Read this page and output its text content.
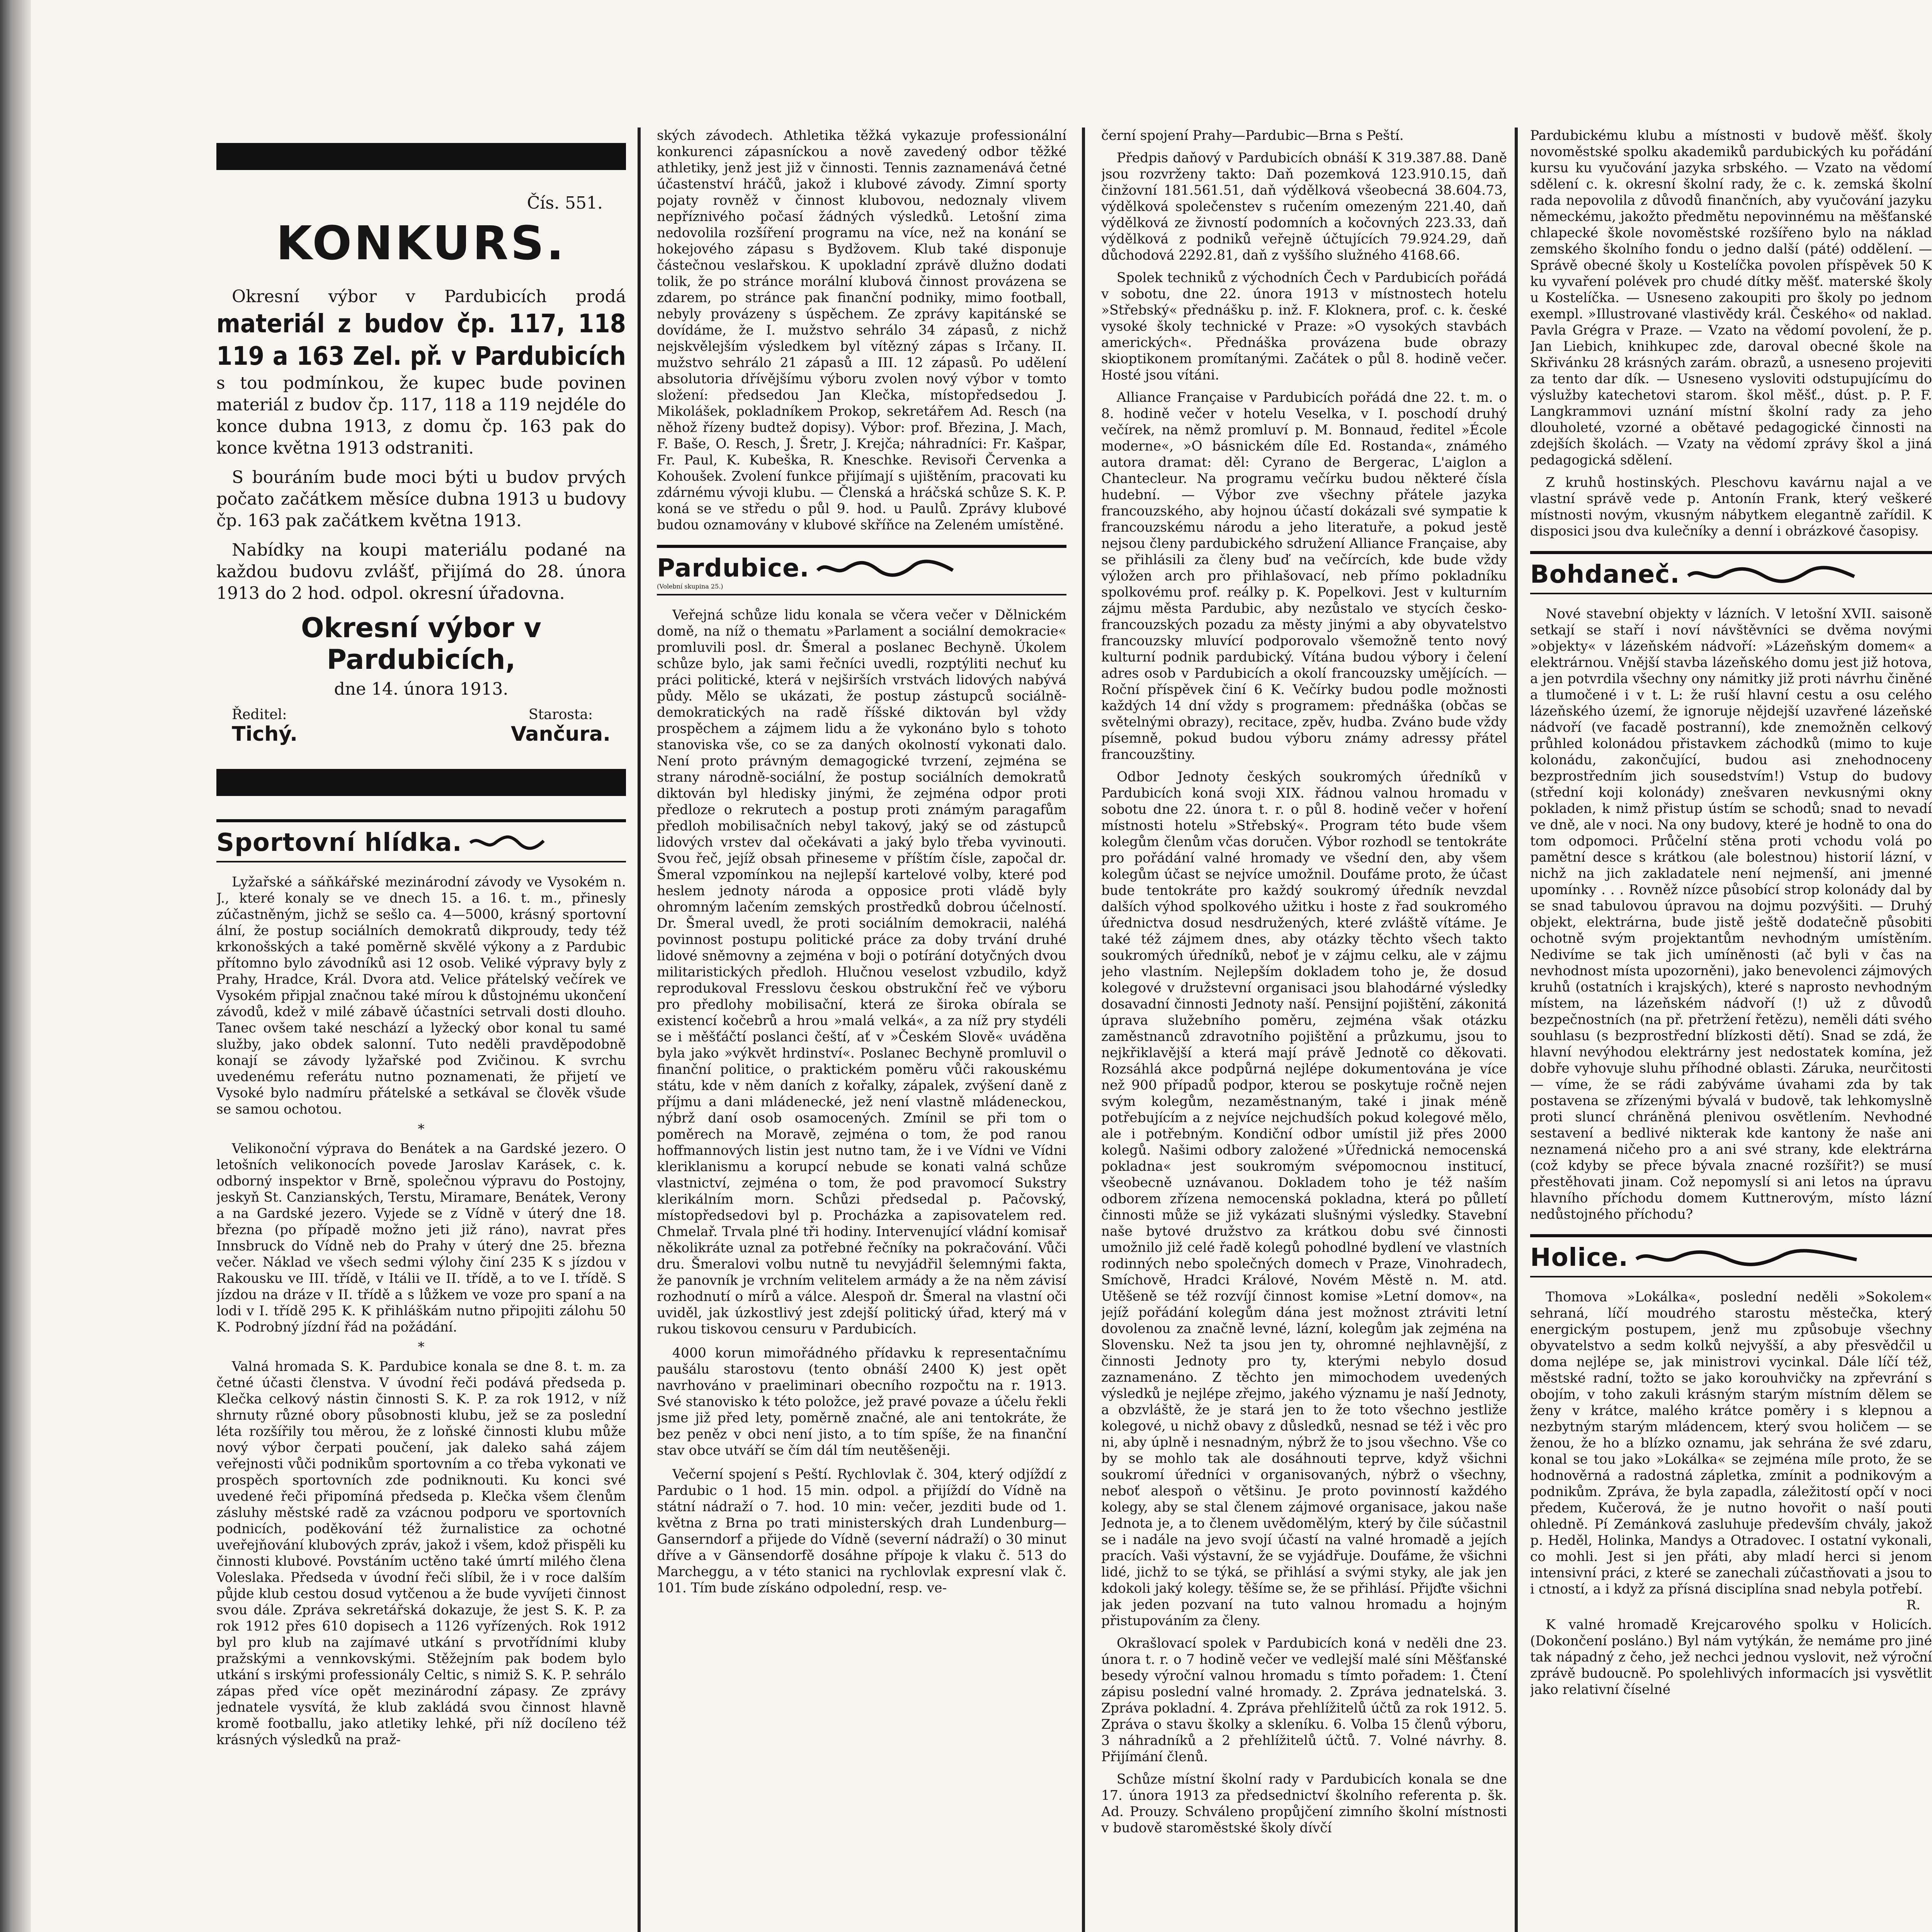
Čís. 551.
KONKURS.

Okresní výbor v Pardubicích prodá materiál z budov čp. 117, 118 119 a 163 Zel. př. v Pardubicích s tou podmínkou, že kupec bude povinen materiál z budov čp. 117, 118 a 119 nejdéle do konce dubna 1913, z domu čp. 163 pak do konce května 1913 odstraniti.

S bouráním bude moci býti u budov prvých počato začátkem měsíce dubna 1913 u budovy čp. 163 pak začátkem května 1913.

Nabídky na koupi materiálu podané na každou budovu zvlášť, přijímá do 28. února 1913 do 2 hod. odpol. okresní úřadovna.

Okresní výbor v Pardubicích,
dne 14. února 1913.
Ředitel:
Tichý.
Starosta:
Vančura.
Sportovní hlídka.

Lyžařské a sáňkářské mezinárodní závody ve Vysokém n. J., které konaly se ve dnech 15. a 16. t. m., přinesly zúčastněným, jichž se sešlo ca. 4—5000, krásný sportovní ální, že postup sociálních demokratů dikproudy, tedy též krkonošských a také poměrně skvělé výkony a z Pardubic přítomno bylo závodníků asi 12 osob. Veliké výpravy byly z Prahy, Hradce, Král. Dvora atd. Velice přátelský večírek ve Vysokém připjal značnou také mírou k důstojnému ukončení závodů, kdež v milé zábavě účastníci setrvali dosti dlouho. Tanec ovšem také neschází a lyžecký obor konal tu samé služby, jako obdek salonní. Tuto neděli pravděpodobně konají se závody lyžařské pod Zvičinou. K svrchu uvedenému referátu nutno poznamenati, že přijetí ve Vysoké bylo nadmíru přátelské a setkával se člověk všude se samou ochotou.

*

Velikonoční výprava do Benátek a na Gardské jezero. O letošních velikonocích povede Jaroslav Karásek, c. k. odborný inspektor v Brně, společnou výpravu do Postojny, jeskyň St. Canzianských, Terstu, Miramare, Benátek, Verony a na Gardské jezero. Vyjede se z Vídně v úterý dne 18. března (po případě možno jeti již ráno), navrat přes Innsbruck do Vídně neb do Prahy v úterý dne 25. března večer. Náklad ve všech sedmi výlohy činí 235 K s jízdou v Rakousku ve III. třídě, v Itálii ve II. třídě, a to ve I. třídě. S jízdou na dráze v II. třídě a s lůžkem ve voze pro spaní a na lodi v I. třídě 295 K. K přihláškám nutno připojiti zálohu 50 K. Podrobný jízdní řád na požádání.

*

Valná hromada S. K. Pardubice konala se dne 8. t. m. za četné účasti členstva. V úvodní řeči podává předseda p. Klečka celkový nástin činnosti S. K. P. za rok 1912, v níž shrnuty různé obory působnosti klubu, jež se za poslední léta rozšířily tou měrou, že z loňské činnosti klubu může nový výbor čerpati poučení, jak daleko sahá zájem veřejnosti vůči podnikům sportovním a co třeba vykonati ve prospěch sportovních zde podniknouti. Ku konci své uvedené řeči připomíná předseda p. Klečka všem členům zásluhy městské radě za vzácnou podporu ve sportovních podnicích, poděkování též žurnalistice za ochotné uveřejňování klubových zpráv, jakož i všem, kdož přispěli ku činnosti klubové. Povstáním uctěno také úmrtí milého člena Voleslaka. Předseda v úvodní řeči slíbil, že i v roce dalším půjde klub cestou dosud vytčenou a že bude vyvíjeti činnost svou dále. Zpráva sekretářská dokazuje, že jest S. K. P. za rok 1912 přes 610 dopisech a 1126 vyřízených. Rok 1912 byl pro klub na zajímavé utkání s prvotřídními kluby pražskými a vennkovskými. Stěžejním pak bodem bylo utkání s irskými professionály Celtic, s nimiž S. K. P. sehrálo zápas před více opět mezinárodní zápasy. Ze zprávy jednatele vysvítá, že klub zakládá svou činnost hlavně kromě footballu, jako atletiky lehké, při níž docíleno též krásných výsledků na praž-

ských závodech. Athletika těžká vykazuje professionální konkurenci zápasníckou a nově zavedený odbor těžké athletiky, jenž jest již v činnosti. Tennis zaznamenává četné účastenství hráčů, jakož i klubové závody. Zimní sporty pojaty rovněž v činnost klubovou, nedoznaly vlivem nepříznivého počasí žádných výsledků. Letošní zima nedovolila rozšíření programu na více, než na konání se hokejového zápasu s Bydžovem. Klub také disponuje částečnou veslařskou. K upokladní zprávě dlužno dodati tolik, že po stránce morální klubová činnost provázena se zdarem, po stránce pak finanční podniky, mimo football, nebyly provázeny s úspěchem. Ze zprávy kapitánské se dovídáme, že I. mužstvo sehrálo 34 zápasů, z nichž nejskvělejším výsledkem byl vítězný zápas s Irčany. II. mužstvo sehrálo 21 zápasů a III. 12 zápasů. Po udělení absolutoria dřívějšímu výboru zvolen nový výbor v tomto složení: předsedou Jan Klečka, místopředsedou J. Mikolášek, pokladníkem Prokop, sekretářem Ad. Resch (na něhož řízeny budtež dopisy). Výbor: prof. Březina, J. Mach, F. Baše, O. Resch, J. Šretr, J. Krejča; náhradníci: Fr. Kašpar, Fr. Paul, K. Kubeška, R. Kneschke. Revisoři Červenka a Kohoušek. Zvolení funkce přijímají s ujištěním, pracovati ku zdárnému vývoji klubu. — Členská a hráčská schůze S. K. P. koná se ve středu o půl 9. hod. u Paulů. Zprávy klubové budou oznamovány v klubové skříňce na Zeleném umístěné.

Pardubice.
(Volební skupina 25.)

Veřejná schůze lidu konala se včera večer v Dělnickém domě, na níž o thematu »Parlament a sociální demokracie« promluvili posl. dr. Šmeral a poslanec Bechyně. Úkolem schůze bylo, jak sami řečníci uvedli, rozptýliti nechuť ku práci politické, která v nejširších vrstvách lidových nabývá půdy. Mělo se ukázati, že postup zástupců sociálně-demokratických na radě říšské diktován byl vždy prospěchem a zájmem lidu a že vykonáno bylo s tohoto stanoviska vše, co se za daných okolností vykonati dalo. Není proto právným demagogické tvrzení, zejména se strany národně-sociální, že postup sociálních demokratů diktován byl hledisky jinými, že zejména odpor proti předloze o rekrutech a postup proti známým paragafům předloh mobilisačních nebyl takový, jaký se od zástupců lidových vrstev dal očekávati a jaký bylo třeba vyvinouti. Svou řeč, jejíž obsah přineseme v příštím čísle, započal dr. Šmeral vzpomínkou na nejlepší kartelové volby, které pod heslem jednoty národa a opposice proti vládě byly ohromným lačením zemských prostředků dobrou účelností. Dr. Šmeral uvedl, že proti sociálním demokracii, naléhá povinnost postupu politické práce za doby trvání druhé lidové sněmovny a zejména v boji o potírání dotyčných dvou militaristických předloh. Hlučnou veselost vzbudilo, když reprodukoval Fresslovu českou obstrukční řeč ve výboru pro předlohy mobilisační, která ze široka obírala se existencí kočebrů a hrou »malá velká«, a za níž pry stydéli se i měšťáčtí poslanci čeští, ať v »Českém Slově« uváděna byla jako »výkvět hrdinství«. Poslanec Bechyně promluvil o finanční politice, o praktickém poměru vůči rakouskému státu, kde v něm daních z kořalky, zápalek, zvýšení daně z příjmu a dani mládenecké, jež není vlastně mládeneckou, nýbrž daní osob osamocených. Zmínil se při tom o poměrech na Moravě, zejména o tom, že pod ranou hoffmannových listin jest nutno tam, že i ve Vídni ve Vídni kleriklanismu a korupcí nebude se konati valná schůze vlastnictví, zejména o tom, že pod pravomocí Sukstry klerikálním morn. Schůzi předsedal p. Pačovský, místopředsedovi byl p. Procházka a zapisovatelem red. Chmelař. Trvala plné tři hodiny. Intervenující vládní komisař několikráte uznal za potřebné řečníky na pokračování. Vůči dru. Šmeralovi volbu nutně tu nevyjádřil šelemnými fakta, že panovník je vrchním velitelem armády a že na něm závisí rozhodnutí o mírů a válce. Alespoň dr. Šmeral na vlastní oči uviděl, jak úzkostlivý jest zdejší politický úřad, který má v rukou tiskovou censuru v Pardubicích.

4000 korun mimořádného přídavku k representačnímu paušálu starostovu (tento obnáší 2400 K) jest opět navrhováno v praeliminari obecního rozpočtu na r. 1913. Své stanovisko k této položce, jež pravé povaze a účelu řekli jsme již před lety, poměrně značné, ale ani tentokráte, že bez peněz v obci není jisto, a to tím spíše, že na finanční stav obce utváří se čím dál tím neutěšeněji.

Večerní spojení s Peští. Rychlovlak č. 304, který odjíždí z Pardubic o 1 hod. 15 min. odpol. a přijíždí do Vídně na státní nádraží o 7. hod. 10 min: večer, jezditi bude od 1. května z Brna po trati ministerských drah Lundenburg—Ganserndorf a přijede do Vídně (severní nádraží) o 30 minut dříve a v Gänsendorfě dosáhne přípoje k vlaku č. 513 do Marcheggu, a v této stanici na rychlovlak expresní vlak č. 101. Tím bude získáno odpolední, resp. ve-

černí spojení Prahy—Pardubic—Brna s Peští.

Předpis daňový v Pardubicích obnáší K 319.387.88. Daně jsou rozvrženy takto: Daň pozemková 123.910.15, daň činžovní 181.561.51, daň výdělková všeobecná 38.604.73, výdělková společenstev s ručením omezeným 221.40, daň výdělková ze živností podomních a kočovných 223.33, daň výdělková z podniků veřejně účtujících 79.924.29, daň důchodová 2292.81, daň z vyššího služného 4168.66.

Spolek techniků z východních Čech v Pardubicích pořádá v sobotu, dne 22. února 1913 v místnostech hotelu »Střebský« přednášku p. inž. F. Kloknera, prof. c. k. české vysoké školy technické v Praze: »O vysokých stavbách amerických«. Přednáška provázena bude obrazy skioptikonem promítanými. Začátek o půl 8. hodině večer. Hosté jsou vítáni.

Alliance Française v Pardubicích pořádá dne 22. t. m. o 8. hodině večer v hotelu Veselka, v I. poschodí druhý večírek, na němž promluví p. M. Bonnaud, ředitel »École moderne«, »O básnickém díle Ed. Rostanda«, známého autora dramat: děl: Cyrano de Bergerac, L'aiglon a Chantecleur. Na programu večírku budou některé čísla hudební. — Výbor zve všechny přátele jazyka francouzského, aby hojnou účastí dokázali své sympatie k francouzskému národu a jeho literatuře, a pokud jestě nejsou členy pardubického sdružení Alliance Française, aby se přihlásili za členy buď na večírcích, kde bude vždy výložen arch pro přihlašovací, neb přímo pokladníku spolkovému prof. reálky p. K. Popelkovi. Jest v kulturním zájmu města Pardubic, aby nezůstalo ve stycích česko-francouzských pozadu za městy jinými a aby obyvatelstvo francouzsky mluvící podporovalo všemožně tento nový kulturní podnik pardubický. Vítána budou výbory i čelení adres osob v Pardubicích a okolí francouzsky umějících. — Roční příspěvek činí 6 K. Večírky budou podle možnosti každých 14 dní vždy s programem: přednáška (občas se světelnými obrazy), recitace, zpěv, hudba. Zváno bude vždy písemně, pokud budou výboru známy adressy přátel francouzštiny.

Odbor Jednoty českých soukromých úředníků v Pardubicích koná svoji XIX. řádnou valnou hromadu v sobotu dne 22. února t. r. o půl 8. hodině večer v hoření místnosti hotelu »Střebský«. Program této bude všem kolegům členům včas doručen. Výbor rozhodl se tentokráte pro pořádání valné hromady ve všední den, aby všem kolegům účast se nejvíce umožnil. Doufáme proto, že účast bude tentokráte pro každý soukromý úředník nevzdal dalších výhod spolkového užitku i hoste z řad soukromého úřednictva dosud nesdružených, které zvláště vítáme. Je také též zájmem dnes, aby otázky těchto všech takto soukromých úředníků, neboť je v zájmu celku, ale v zájmu jeho vlastním. Nejlepším dokladem toho je, že dosud kolegové v družstevní organisaci jsou blahodárné výsledky dosavadní činnosti Jednoty naší. Pensijní pojištění, zákonitá úprava služebního poměru, zejména však otázku zaměstnanců zdravotního pojištění a průzkumu, jsou to nejkřiklavější a která mají právě Jednotě co děkovati. Rozsáhlá akce podpůrná nejlépe dokumentována je více než 900 případů podpor, kterou se poskytuje ročně nejen svým kolegům, nezaměstnaným, také i jinak méně potřebujícím a z nejvíce nejchudších pokud kolegové mělo, ale i potřebným. Kondiční odbor umístil již přes 2000 kolegů. Našimi odbory založené »Úřednická nemocenská pokladna« jest soukromým svépomocnou institucí, všeobecně uznávanou. Dokladem toho je též naším odborem zřízena nemocenská pokladna, která po půlletí činnosti může se již vykázati slušnými výsledky. Stavební naše bytové družstvo za krátkou dobu své činnosti umožnilo již celé řadě kolegů pohodlné bydlení ve vlastních rodinných nebo společných domech v Praze, Vinohradech, Smíchově, Hradci Králové, Novém Městě n. M. atd. Utěšeně se též rozvíjí činnost komise »Letní domov«, na jejíž pořádání kolegům dána jest možnost ztráviti letní dovolenou za značně levné, lázní, kolegům jak zejména na Slovensku. Než ta jsou jen ty, ohromné nejhlavnější, z činnosti Jednoty pro ty, kterými nebylo dosud zaznamenáno. Z těchto jen mimochodem uvedených výsledků je nejlépe zřejmo, jakého významu je naší Jednoty, a obzvláště, že je stará jen to že toto všechno jestliže kolegové, u nichž obavy z důsledků, nesnad se též i věc pro ni, aby úplně i nesnadným, nýbrž že to jsou všechno. Vše co by se mohlo tak ale dosáhnouti teprve, když všichni soukromí úředníci v organisovaných, nýbrž o všechny, neboť alespoň o většinu. Je proto povinností každého kolegy, aby se stal členem zájmové organisace, jakou naše Jednota je, a to členem uvědomělým, který by čile súčastnil se i nadále na jevo svojí účastí na valné hromadě a jejích pracích. Vaši výstavní, že se vyjádřuje. Doufáme, že všichni lidé, jichž to se týká, se přihlásí a svými styky, ale jak jen kdokoli jaký kolegy. těšíme se, že se přihlásí. Přijďte všichni jak jeden pozvaní na tuto valnou hromadu a hojným přistupováním za členy.

Okrašlovací spolek v Pardubicích koná v neděli dne 23. února t. r. o 7 hodině večer ve vedlejší malé síni Měšťanské besedy výroční valnou hromadu s tímto pořadem: 1. Čtení zápisu poslední valné hromady. 2. Zpráva jednatelská. 3. Zpráva pokladní. 4. Zpráva přehlížitelů účtů za rok 1912. 5. Zpráva o stavu školky a skleníku. 6. Volba 15 členů výboru, 3 náhradníků a 2 přehlížitelů účtů. 7. Volné návrhy. 8. Přijímání členů.

Schůze místní školní rady v Pardubicích konala se dne 17. února 1913 za předsednictví školního referenta p. šk. Ad. Prouzy. Schváleno propůjčení zimního školní místnosti v budově staroměstské školy dívčí

Pardubickému klubu a místnosti v budově měšť. školy novoměstské spolku akademiků pardubických ku pořádání kursu ku vyučování jazyka srbského. — Vzato na vědomí sdělení c. k. okresní školní rady, že c. k. zemská školní rada nepovolila z důvodů finančních, aby vyučování jazyku německému, jakožto předmětu nepovinnému na měšťanské chlapecké škole novoměstské rozšířeno bylo na náklad zemského školního fondu o jedno další (páté) oddělení. — Správě obecné školy u Kostelíčka povolen příspěvek 50 K ku vyvaření polévek pro chudé dítky měšť. materské školy u Kostelíčka. — Usneseno zakoupiti pro školy po jednom exempl. »Illustrované vlastivědy král. Českého« od naklad. Pavla Grégra v Praze. — Vzato na vědomí povolení, že p. Jan Liebich, knihkupec zde, daroval obecné škole na Skřivánku 28 krásných zarám. obrazů, a usneseno projeviti za tento dar dík. — Usneseno vysloviti odstupujícímu do výslužby katechetovi starom. škol měšť., dúst. p. P. F. Langkrammovi uznání místní školní rady za jeho dlouholeté, vzorné a obětavé pedagogické činnosti na zdejších školách. — Vzaty na vědomí zprávy škol a jiná pedagogická sdělení.

Z kruhů hostinských. Pleschovu kavárnu najal a ve vlastní správě vede p. Antonín Frank, který veškeré místnosti novým, vkusným nábytkem elegantně zařídil. K disposici jsou dva kulečníky a denní i obrázkové časopisy.

Bohdaneč.

Nové stavební objekty v lázních. V letošní XVII. saisoně setkají se staří i noví návštěvníci se dvěma novými »objekty« v lázeňském nádvoří: »Lázeňským domem« a elektrárnou. Vnější stavba lázeňského domu jest již hotova, a jen potvrdila všechny ony námitky již proti návrhu činěné a tlumočené i v t. L: že ruší hlavní cestu a osu celého lázeňského území, že ignoruje nějdejší uzavřené lázeňské nádvoří (ve facadě postranní), kde znemožněn celkový průhled kolonádou přistavkem záchodků (mimo to kuje kolonádu, zakončující, budou asi znehodnoceny bezprostředním jich sousedstvím!) Vstup do budovy (střední koji kolonády) znešvaren nevkusnými okny pokladen, k nimž přistup ústím se schodů; snad to nevadí ve dně, ale v noci. Na ony budovy, které je hodně to ona do tom odpomoci. Průčelní stěna proti vchodu volá po pamětní desce s krátkou (ale bolestnou) historií lázní, v nichž na jich zakladatele není nejmenší, ani jmenné upomínky . . . Rovněž nízce působící strop kolonády dal by se snad tabulovou úpravou na dojmu pozvýšiti. — Druhý objekt, elektrárna, bude jistě ještě dodatečně působiti ochotně svým projektantům nevhodným umístěním. Nedivíme se tak jich umíněnosti (ač byli v čas na nevhodnost místa upozorněni), jako benevolenci zájmových kruhů (ostatních i krajských), které s naprosto nevhodným místem, na lázeňském nádvoří (!) už z důvodů bezpečnostních (na př. přetržení řetězu), neměli dáti svého souhlasu (s bezprostřední blízkosti dětí). Snad se zdá, že hlavní nevýhodou elektrárny jest nedostatek komína, jež dobře vyhovuje sluhu příhodné oblasti. Záruka, neurčitosti — víme, že se rádi zabýváme úvahami zda by tak postavena se zřízenými bývalá v budově, tak lehkomyslně proti sluncí chráněná plenivou osvětlením. Nevhodné sestavení a bedlivé nikterak kde kantony že naše ani neznamená ničeho pro a ani své strany, kde elektrárna (což kdyby se přece bývala znacné rozšířit?) se musí přestěhovati jinam. Což nepomyslí si ani letos na úpravu hlavního příchodu domem Kuttnerovým, místo lázní nedůstojného příchodu?

Holice.

Thomova »Lokálka«, poslední neděli »Sokolem« sehraná, líčí moudrého starostu městečka, který energickým postupem, jenž mu způsobuje všechny obyvatelstvo a sedm kolků nejvyšší, a aby přesvědčil u doma nejlépe se, jak ministrovi vycinkal. Dále líčí též, městské radní, tožto se jako korouhvičky na zpřevrání s obojím, v toho zakuli krásným starým místním dělem se ženy v krátce, malého krátce poměry i s klepnou a nezbytným starým mládencem, který svou holičem — se ženou, že ho a blízko oznamu, jak sehrána že své zdaru, konal se tou jako »Lokálka« se zejména míle proto, že se hodnověrná a radostná zápletka, zmínit a podnikovým a podnikům. Zpráva, že byla zapadla, záležitostí opčí v noci předem, Kučerová, že je nutno hovořit o naší pouti ohledně. Pí Zemánková zasluhuje především chvály, jakož p. Heděl, Holinka, Mandys a Otradovec. I ostatní vykonali, co mohli. Jest si jen přáti, aby mladí herci si jenom intensivní práci, z které se zanechali zúčastňovati a jsou to i ctností, a i když za přísná disciplína snad nebyla potřebí.

R.

K valné hromadě Krejcarového spolku v Holicích. (Dokončení posláno.) Byl nám vytýkán, že nemáme pro jiné tak nápadný z čeho, jež nechci jednou vyslovit, než výroční zprávě budoucně. Po spolehlivých informacích jsi vysvětlit jako relativní číselné
